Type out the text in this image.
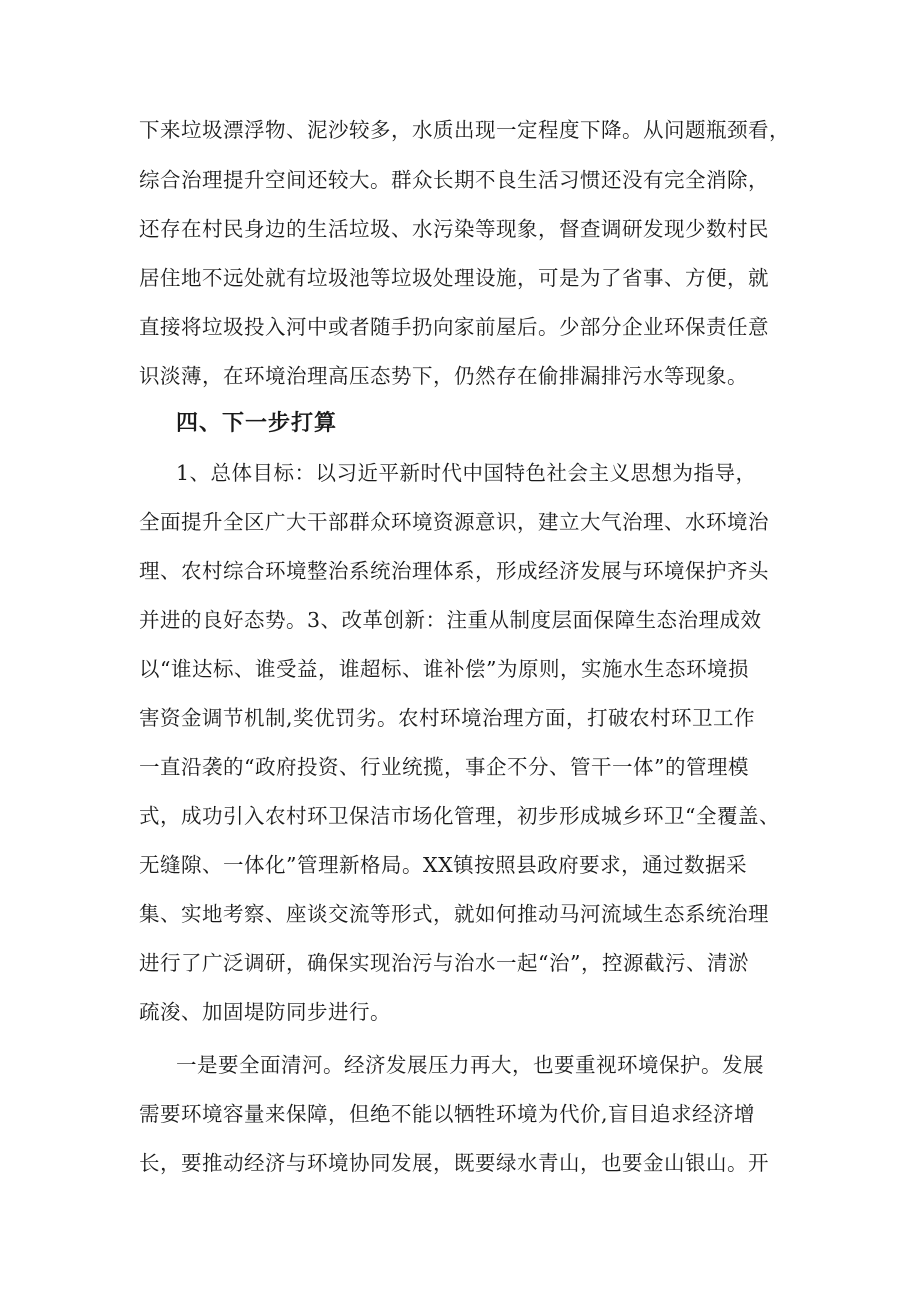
下来垃圾漂浮物、泥沙较多，水质出现一定程度下降。从问题瓶颈看，
综合治理提升空间还较大。群众长期不良生活习惯还没有完全消除，
还存在村民身边的生活垃圾、水污染等现象，督查调研发现少数村民
居住地不远处就有垃圾池等垃圾处理设施，可是为了省事、方便，就
直接将垃圾投入河中或者随手扔向家前屋后。少部分企业环保责任意
识淡薄，在环境治理高压态势下，仍然存在偷排漏排污水等现象。
四、下一步打算
1、总体目标：以习近平新时代中国特色社会主义思想为指导，
全面提升全区广大干部群众环境资源意识，建立大气治理、水环境治
理、农村综合环境整治系统治理体系，形成经济发展与环境保护齐头
并进的良好态势。3、改革创新：注重从制度层面保障生态治理成效
以“谁达标、谁受益，谁超标、谁补偿”为原则，实施水生态环境损
害资金调节机制,奖优罚劣。农村环境治理方面，打破农村环卫工作
一直沿袭的“政府投资、行业统揽，事企不分、管干一体”的管理模
式，成功引入农村环卫保洁市场化管理，初步形成城乡环卫“全覆盖、
无缝隙、一体化”管理新格局。XX镇按照县政府要求，通过数据采
集、实地考察、座谈交流等形式，就如何推动马河流域生态系统治理
进行了广泛调研，确保实现治污与治水一起“治”，控源截污、清淤
疏浚、加固堤防同步进行。
一是要全面清河。经济发展压力再大，也要重视环境保护。发展
需要环境容量来保障，但绝不能以牺牲环境为代价,盲目追求经济增
长，要推动经济与环境协同发展，既要绿水青山，也要金山银山。开
